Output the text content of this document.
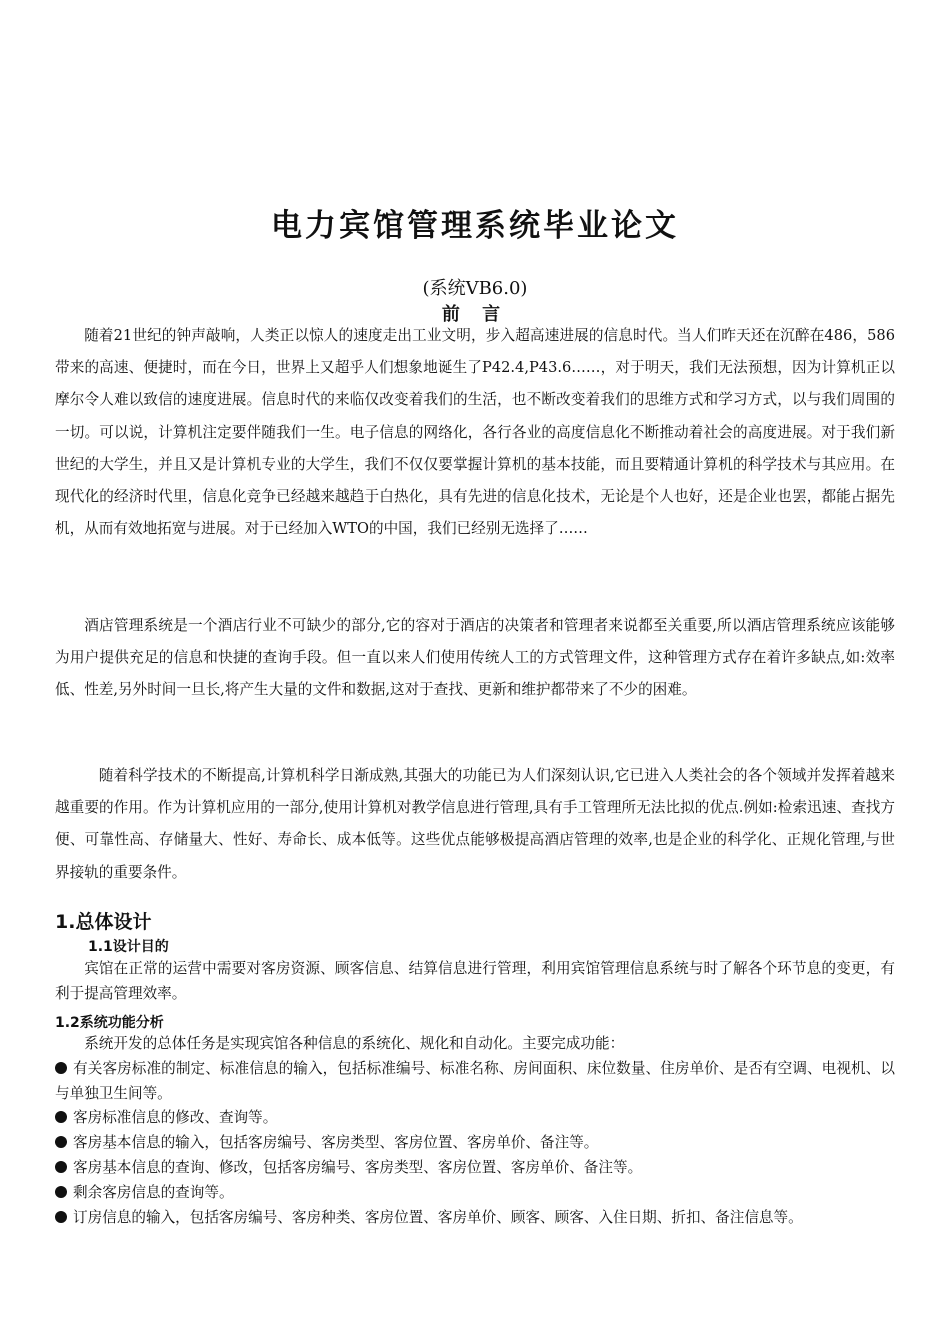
电力宾馆管理系统毕业论文

(系统VB6.0)

前 言

随着21世纪的钟声敲响，人类正以惊人的速度走出工业文明，步入超高速进展的信息时代。当人们昨天还在沉醉在486，586带来的高速、便捷时，而在今日，世界上又超乎人们想象地诞生了P42.4,P43.6……，对于明天，我们无法预想，因为计算机正以摩尔令人难以致信的速度进展。信息时代的来临仅改变着我们的生活，也不断改变着我们的思维方式和学习方式，以与我们周围的一切。可以说，计算机注定要伴随我们一生。电子信息的网络化，各行各业的高度信息化不断推动着社会的高度进展。对于我们新世纪的大学生，并且又是计算机专业的大学生，我们不仅仅要掌握计算机的基本技能，而且要精通计算机的科学技术与其应用。在现代化的经济时代里，信息化竞争已经越来越趋于白热化，具有先进的信息化技术，无论是个人也好，还是企业也罢，都能占据先机，从而有效地拓宽与进展。对于已经加入WTO的中国，我们已经别无选择了……

酒店管理系统是一个酒店行业不可缺少的部分,它的容对于酒店的决策者和管理者来说都至关重要,所以酒店管理系统应该能够为用户提供充足的信息和快捷的查询手段。但一直以来人们使用传统人工的方式管理文件，这种管理方式存在着许多缺点,如:效率低、性差,另外时间一旦长,将产生大量的文件和数据,这对于查找、更新和维护都带来了不少的困难。

随着科学技术的不断提高,计算机科学日渐成熟,其强大的功能已为人们深刻认识,它已进入人类社会的各个领域并发挥着越来越重要的作用。作为计算机应用的一部分,使用计算机对教学信息进行管理,具有手工管理所无法比拟的优点.例如:检索迅速、查找方便、可靠性高、存储量大、性好、寿命长、成本低等。这些优点能够极提高酒店管理的效率,也是企业的科学化、正规化管理,与世界接轨的重要条件。

1.总体设计

1.1设计目的

宾馆在正常的运营中需要对客房资源、顾客信息、结算信息进行管理，利用宾馆管理信息系统与时了解各个环节息的变更，有利于提高管理效率。

1.2系统功能分析

系统开发的总体任务是实现宾馆各种信息的系统化、规化和自动化。主要完成功能：

有关客房标准的制定、标准信息的输入，包括标准编号、标准名称、房间面积、床位数量、住房单价、是否有空调、电视机、以与单独卫生间等。

客房标准信息的修改、查询等。

客房基本信息的输入，包括客房编号、客房类型、客房位置、客房单价、备注等。

客房基本信息的查询、修改，包括客房编号、客房类型、客房位置、客房单价、备注等。

剩余客房信息的查询等。

订房信息的输入，包括客房编号、客房种类、客房位置、客房单价、顾客、顾客、入住日期、折扣、备注信息等。
